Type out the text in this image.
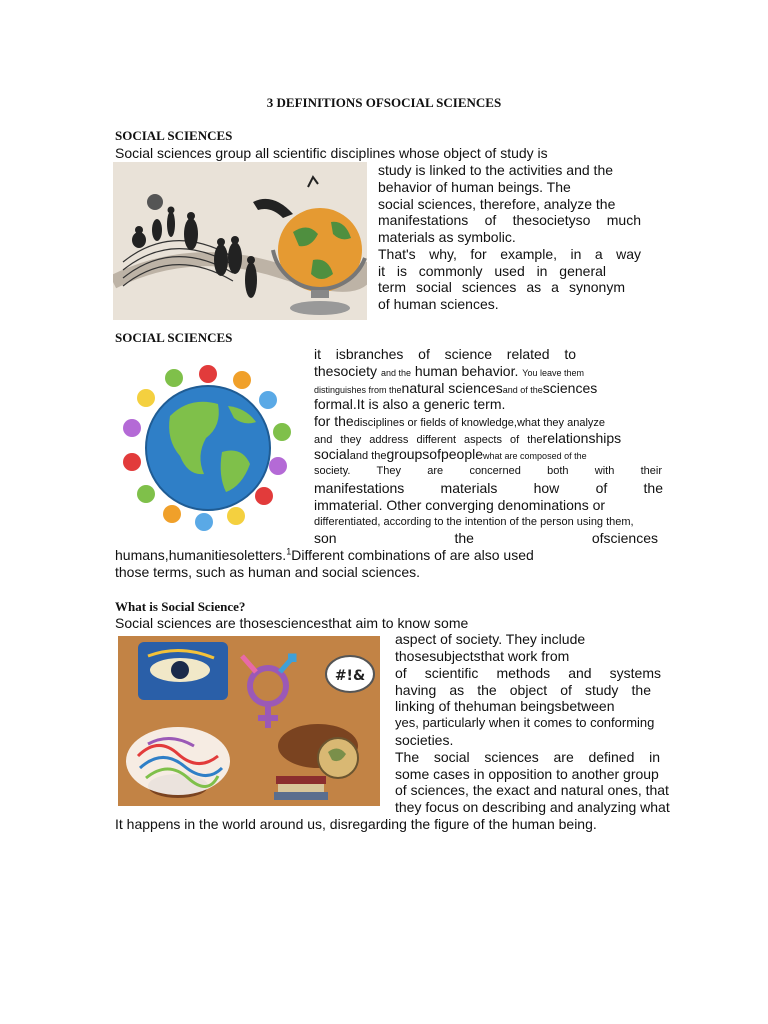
3 DEFINITIONS OFSOCIAL SCIENCES
SOCIAL SCIENCES
Social sciences group all scientific disciplines whose object of study is
study is linked to the activities and the
behavior of human beings. The
social sciences, therefore, analyze the
manifestations of thesocietyso much
materials as symbolic.
That's why, for example, in a way
it is commonly used in general
term social sciences as a synonym
of human sciences.
SOCIAL SCIENCES
it isbranches of science related to
thesociety and the human behavior. You leave them
distinguishes from thenatural sciencesand of thesciences
formal.It is also a generic term.
for thedisciplines or fields of knowledge,what they analyze
and they address different aspects of therelationships
socialand thegroupsofpeoplewhat are composed of the
society. They are concerned both with their
manifestations materials how of the
immaterial. Other converging denominations or
differentiated, according to the intention of the person using them,
son the ofsciences
humans,humanitiesoletters.$^1$Different combinations of are also used
those terms, such as human and social sciences.
What is Social Science?
Social sciences are thosesciencesthat aim to know some
#!&
aspect of society. They include
thosesubjectsthat work from
of scientific methods and systems
having as the object of study the
linking of thehuman beingsbetween
yes, particularly when it comes to conforming
societies.
The social sciences are defined in
some cases in opposition to another group
of sciences, the exact and natural ones, that
they focus on describing and analyzing what
It happens in the world around us, disregarding the figure of the human being.
